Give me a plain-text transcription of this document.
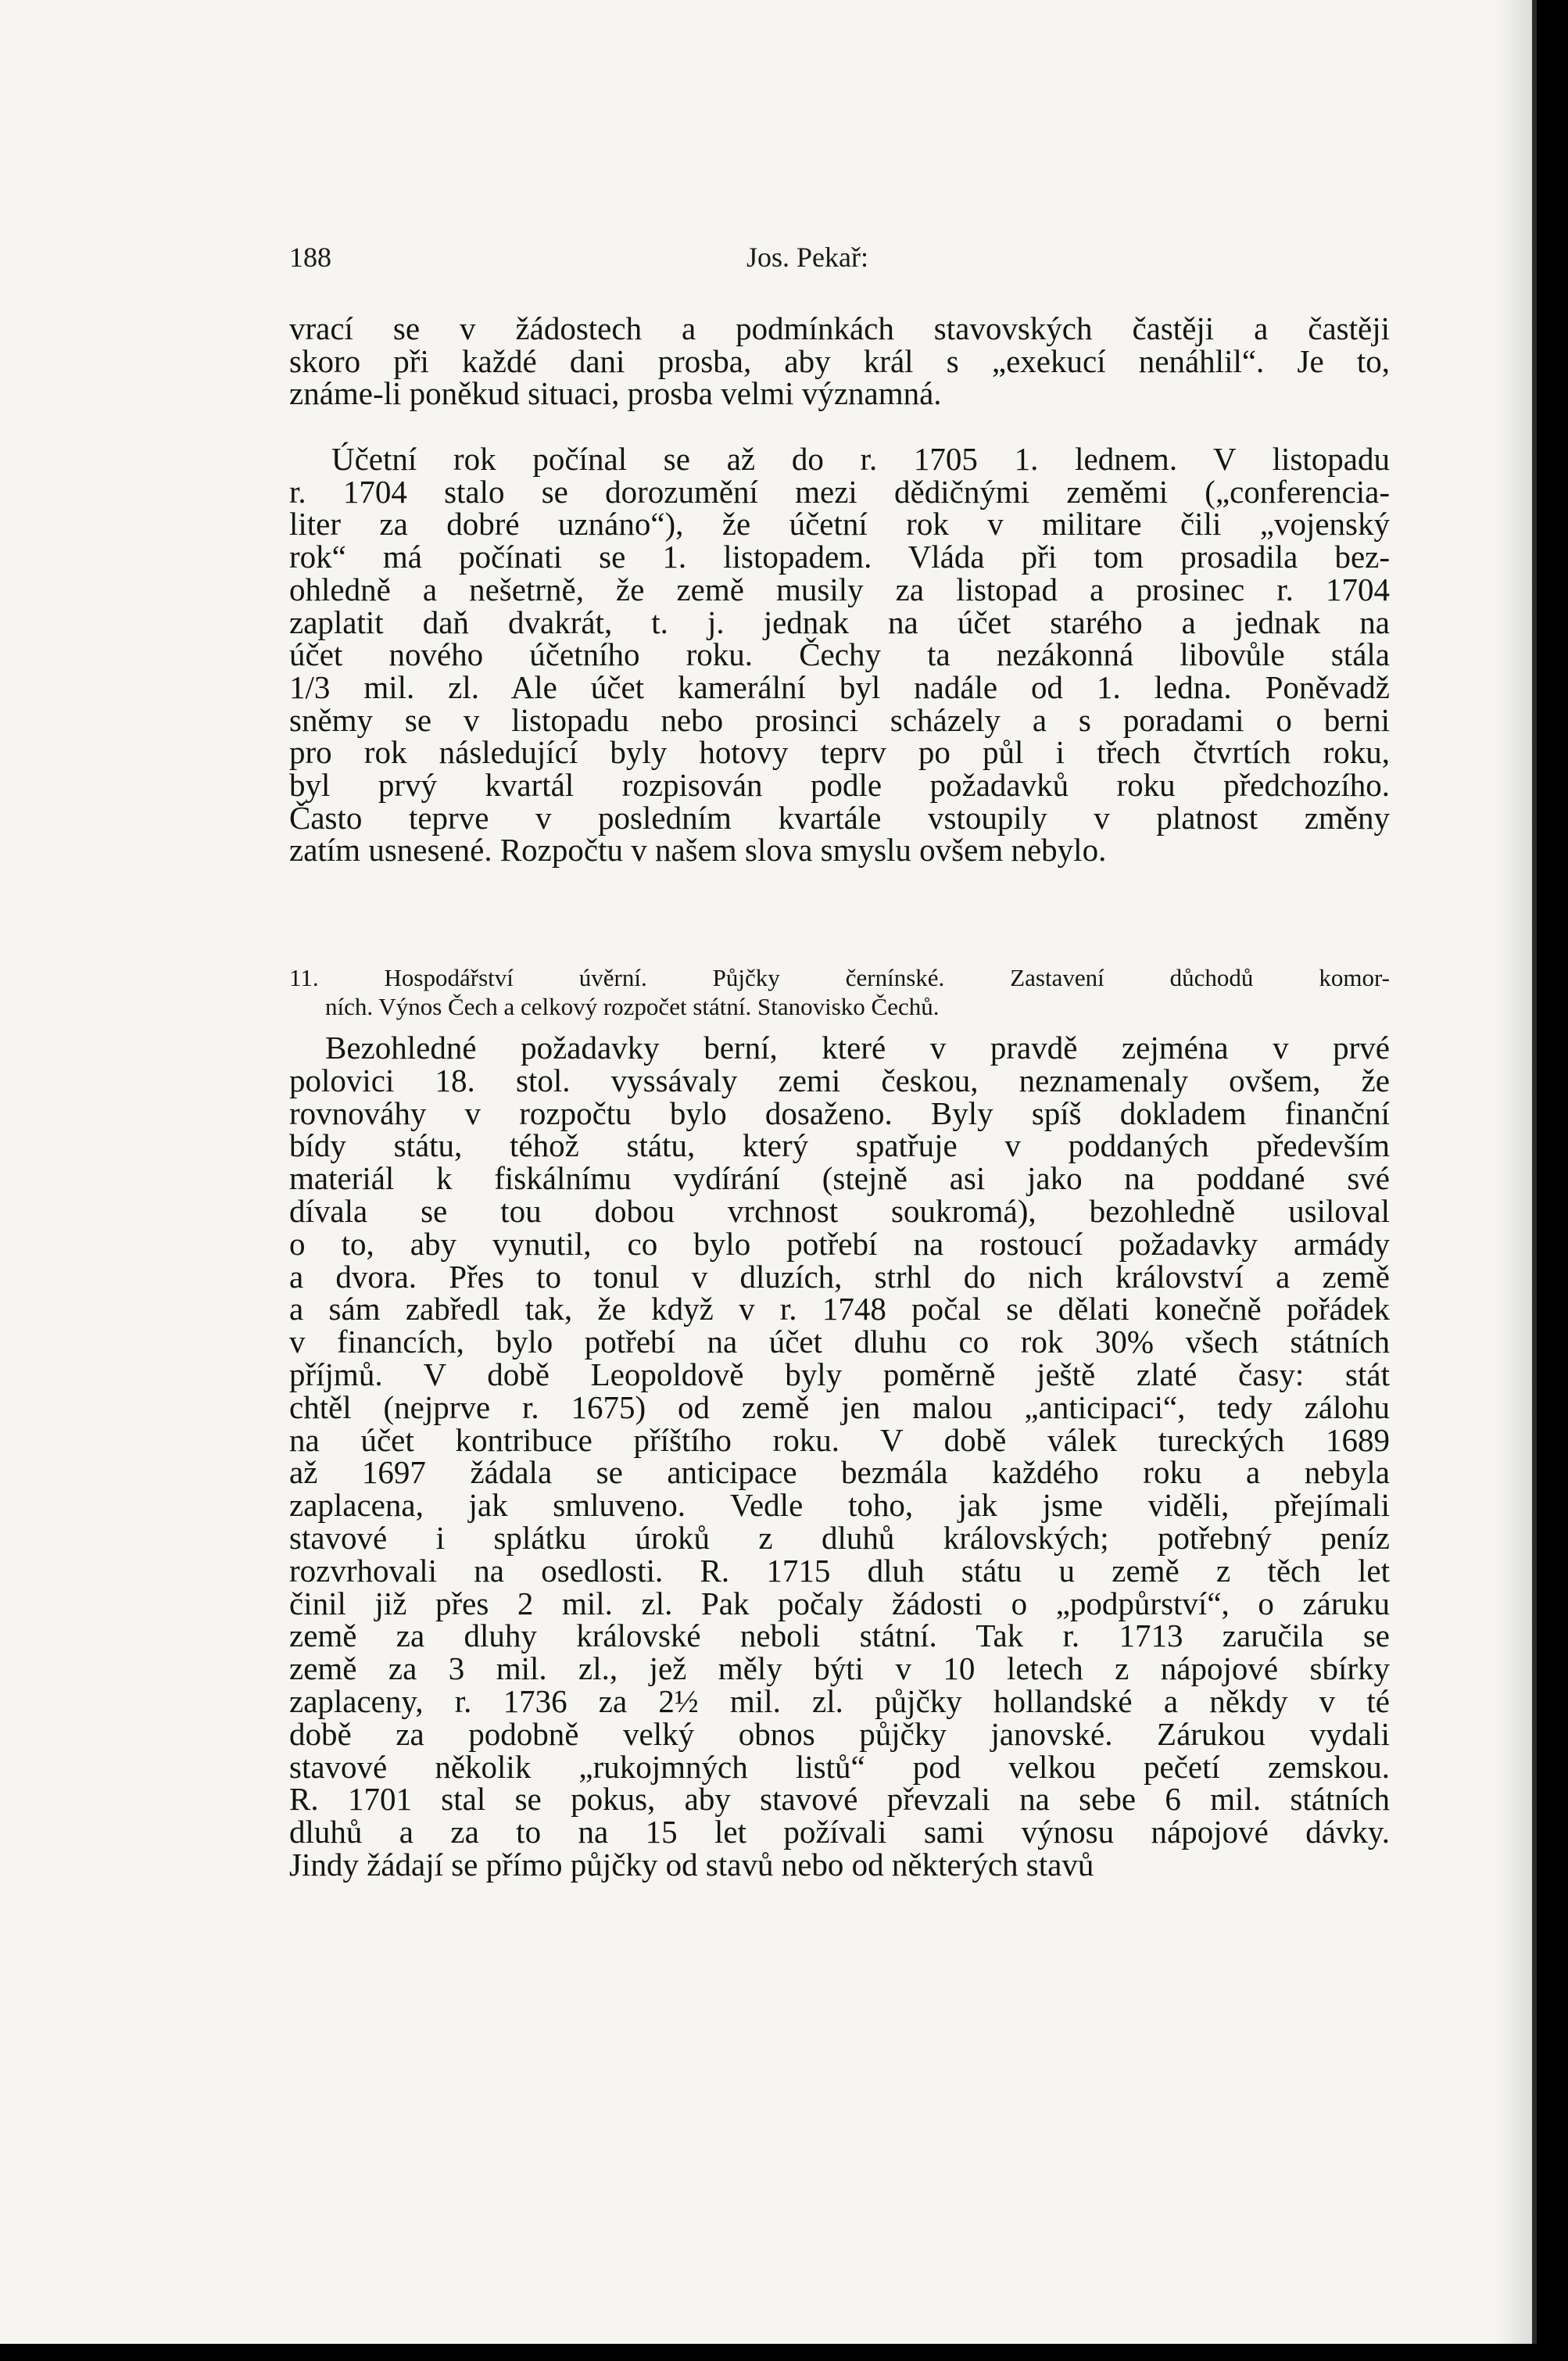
188	Jos. Pekař:
vrací se v žádostech a podmínkách stavovských častěji a častěji
skoro při každé dani prosba, aby král s „exekucí nenáhlil“. Je to,
známe-li poněkud situaci, prosba velmi významná.
Účetní rok počínal se až do r. 1705 1. lednem. V listopadu
r. 1704 stalo se dorozumění mezi dědičnými zeměmi („conferencia-
liter za dobré uznáno“), že účetní rok v militare čili „vojenský
rok“ má počínati se 1. listopadem. Vláda při tom prosadila bez-
ohledně a nešetrně, že země musily za listopad a prosinec r. 1704
zaplatit daň dvakrát, t. j. jednak na účet starého a jednak na
účet nového účetního roku. Čechy ta nezákonná libovůle stála
1/3 mil. zl. Ale účet kamerální byl nadále od 1. ledna. Poněvadž
sněmy se v listopadu nebo prosinci scházely a s poradami o berni
pro rok následující byly hotovy teprv po půl i třech čtvrtích roku,
byl prvý kvartál rozpisován podle požadavků roku předchozího.
Často teprve v posledním kvartále vstoupily v platnost změny
zatím usnesené. Rozpočtu v našem slova smyslu ovšem nebylo.
11. Hospodářství úvěrní. Půjčky černínské. Zastavení důchodů komor-
ních. Výnos Čech a celkový rozpočet státní. Stanovisko Čechů.
Bezohledné požadavky berní, které v pravdě zejména v prvé
polovici 18. stol. vyssávaly zemi českou, neznamenaly ovšem, že
rovnováhy v rozpočtu bylo dosaženo. Byly spíš dokladem finanční
bídy státu, téhož státu, který spatřuje v poddaných především
materiál k fiskálnímu vydírání (stejně asi jako na poddané své
dívala se tou dobou vrchnost soukromá), bezohledně usiloval
o to, aby vynutil, co bylo potřebí na rostoucí požadavky armády
a dvora. Přes to tonul v dluzích, strhl do nich království a země
a sám zabředl tak, že když v r. 1748 počal se dělati konečně pořádek
v financích, bylo potřebí na účet dluhu co rok 30% všech státních
příjmů. V době Leopoldově byly poměrně ještě zlaté časy: stát
chtěl (nejprve r. 1675) od země jen malou „anticipaci“, tedy zálohu
na účet kontribuce příštího roku. V době válek tureckých 1689
až 1697 žádala se anticipace bezmála každého roku a nebyla
zaplacena, jak smluveno. Vedle toho, jak jsme viděli, přejímali
stavové i splátku úroků z dluhů královských; potřebný peníz
rozvrhovali na osedlosti. R. 1715 dluh státu u země z těch let
činil již přes 2 mil. zl. Pak počaly žádosti o „podpůrství“, o záruku
země za dluhy královské neboli státní. Tak r. 1713 zaručila se
země za 3 mil. zl., jež měly býti v 10 letech z nápojové sbírky
zaplaceny, r. 1736 za 2½ mil. zl. půjčky hollandské a někdy v té
době za podobně velký obnos půjčky janovské. Zárukou vydali
stavové několik „rukojmných listů“ pod velkou pečetí zemskou.
R. 1701 stal se pokus, aby stavové převzali na sebe 6 mil. státních
dluhů a za to na 15 let požívali sami výnosu nápojové dávky.
Jindy žádají se přímo půjčky od stavů nebo od některých stavů
